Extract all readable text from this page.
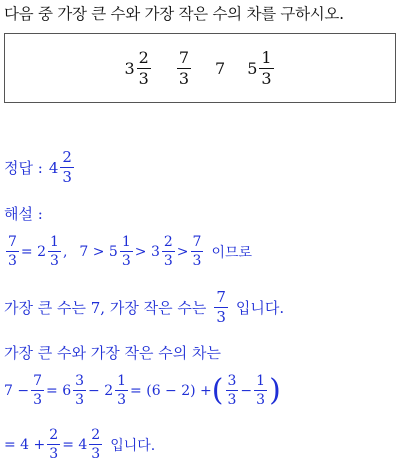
다음 중 가장 큰 수와 가장 작은 수의 차를 구하시오.
$3 \frac{2}{3} \frac{7}{3} 7$ $5 \frac{1}{3}$
정답 : $4 \frac{2}{3}$
해설 :
$\frac{7}{3} = 2 \frac{1}{3}$ , $7 > 5 \frac{1}{3} > 3 \frac{2}{3} > \frac{7}{3}$ 이므로
가장 큰 수는 7, 가장 작은 수는 $\frac{7}{3}$ 입니다.
가장 큰 수와 가장 작은 수의 차는
$7 - \frac{7}{3} = 6 \frac{3}{3} - 2 \frac{1}{3} = (6 - 2)$ + ( $\frac{3}{3} - \frac{1}{3}$ )
= $4 + \frac{2}{3} = 4 \frac{2}{3}$ 입니다.
